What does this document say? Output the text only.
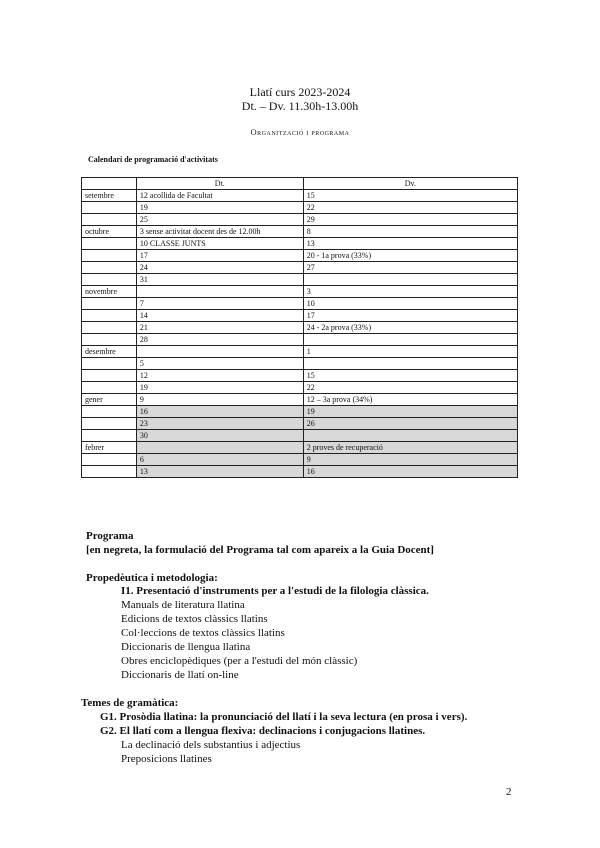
Llatí curs 2023-2024
Dt. – Dv. 11.30h-13.00h
Organització i programa
Calendari de programació d'activitats
	Dt.	Dv.
setembre	12 acollida de Facultat	15
	19	22
	25	29
octubre	3 sense activitat docent des de 12.00h	8
	10 CLASSE JUNTS	13
	17	20 - 1a prova (33%)
	24	27
	31	
novembre		3
	7	10
	14	17
	21	24 - 2a prova (33%)
	28	
desembre		1
	5	
	12	15
	19	22
gener	9	12 – 3a prova (34%)
	16	19
	23	26
	30	
febrer		2 proves de recuperació
	6	9
	13	16
Programa
[en negreta, la formulació del Programa tal com apareix a la Guia Docent]
Propedèutica i metodologia:
I1. Presentació d'instruments per a l'estudi de la filologia clàssica.
Manuals de literatura llatina
Edicions de textos clàssics llatins
Col·leccions de textos clàssics llatins
Diccionaris de llengua llatina
Obres enciclopèdiques (per a l'estudi del món clàssic)
Diccionaris de llatí on-line
Temes de gramàtica:
G1. Prosòdia llatina: la pronunciació del llatí i la seva lectura (en prosa i vers).
G2. El llatí com a llengua flexiva: declinacions i conjugacions llatines.
La declinació dels substantius i adjectius
Preposicions llatines
2
